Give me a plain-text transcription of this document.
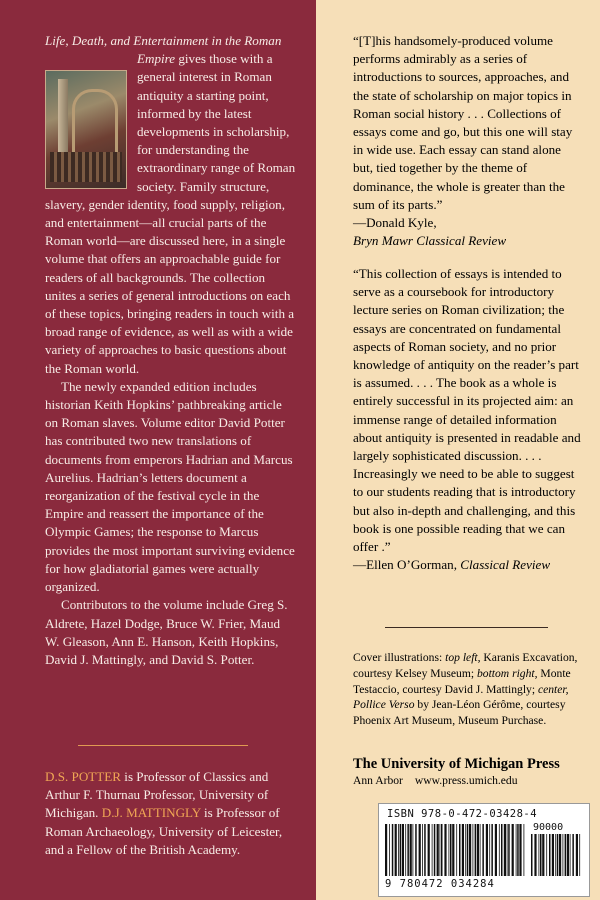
Life, Death, and Entertainment in the Roman Empire
gives those with a general interest in Roman antiquity a starting point, informed by the latest developments in scholarship, for understanding the extraordinary range of Roman society. Family structure, slavery, gender identity, food supply, religion, and entertainment—all crucial parts of the Roman world—are discussed here, in a single volume that offers an approachable guide for readers of all backgrounds. The collection unites a series of general introductions on each of these topics, bringing readers in touch with a broad range of evidence, as well as with a wide variety of approaches to basic questions about the Roman world.

The newly expanded edition includes historian Keith Hopkins’ pathbreaking article on Roman slaves. Volume editor David Potter has contributed two new translations of documents from emperors Hadrian and Marcus Aurelius. Hadrian’s letters document a reorganization of the festival cycle in the Empire and reassert the importance of the Olympic Games; the response to Marcus provides the most important surviving evidence for how gladiatorial games were actually organized.

Contributors to the volume include Greg S. Aldrete, Hazel Dodge, Bruce W. Frier, Maud W. Gleason, Ann E. Hanson, Keith Hopkins, David J. Mattingly, and David S. Potter.

D.S. POTTER is Professor of Classics and Arthur F. Thurnau Professor, University of Michigan. D.J. MATTINGLY is Professor of Roman Archaeology, University of Leicester, and a Fellow of the British Academy.

“[T]his handsomely-produced volume performs admirably as a series of introductions to sources, approaches, and the state of scholarship on major topics in Roman social history . . . Collections of essays come and go, but this one will stay in wide use. Each essay can stand alone but, tied together by the theme of dominance, the whole is greater than the sum of its parts.”

—Donald Kyle,

Bryn Mawr Classical Review

“This collection of essays is intended to serve as a coursebook for introductory lecture series on Roman civilization; the essays are concentrated on fundamental aspects of Roman society, and no prior knowledge of antiquity on the reader’s part is assumed. . . . The book as a whole is entirely successful in its projected aim: an immense range of detailed information about antiquity is presented in readable and largely sophisticated discussion. . . . Increasingly we need to be able to suggest to our students reading that is introductory but also in-depth and challenging, and this book is one possible reading that we can offer .”

—Ellen O’Gorman, Classical Review

Cover illustrations: top left, Karanis Excavation, courtesy Kelsey Museum; bottom right, Monte Testaccio, courtesy David J. Mattingly; center, Pollice Verso by Jean-Léon Gérôme, courtesy Phoenix Art Museum, Museum Purchase.

The University of Michigan Press
Ann Arbor www.press.umich.edu
ISBN 978-0-472-03428-4
90000
9 780472 034284
